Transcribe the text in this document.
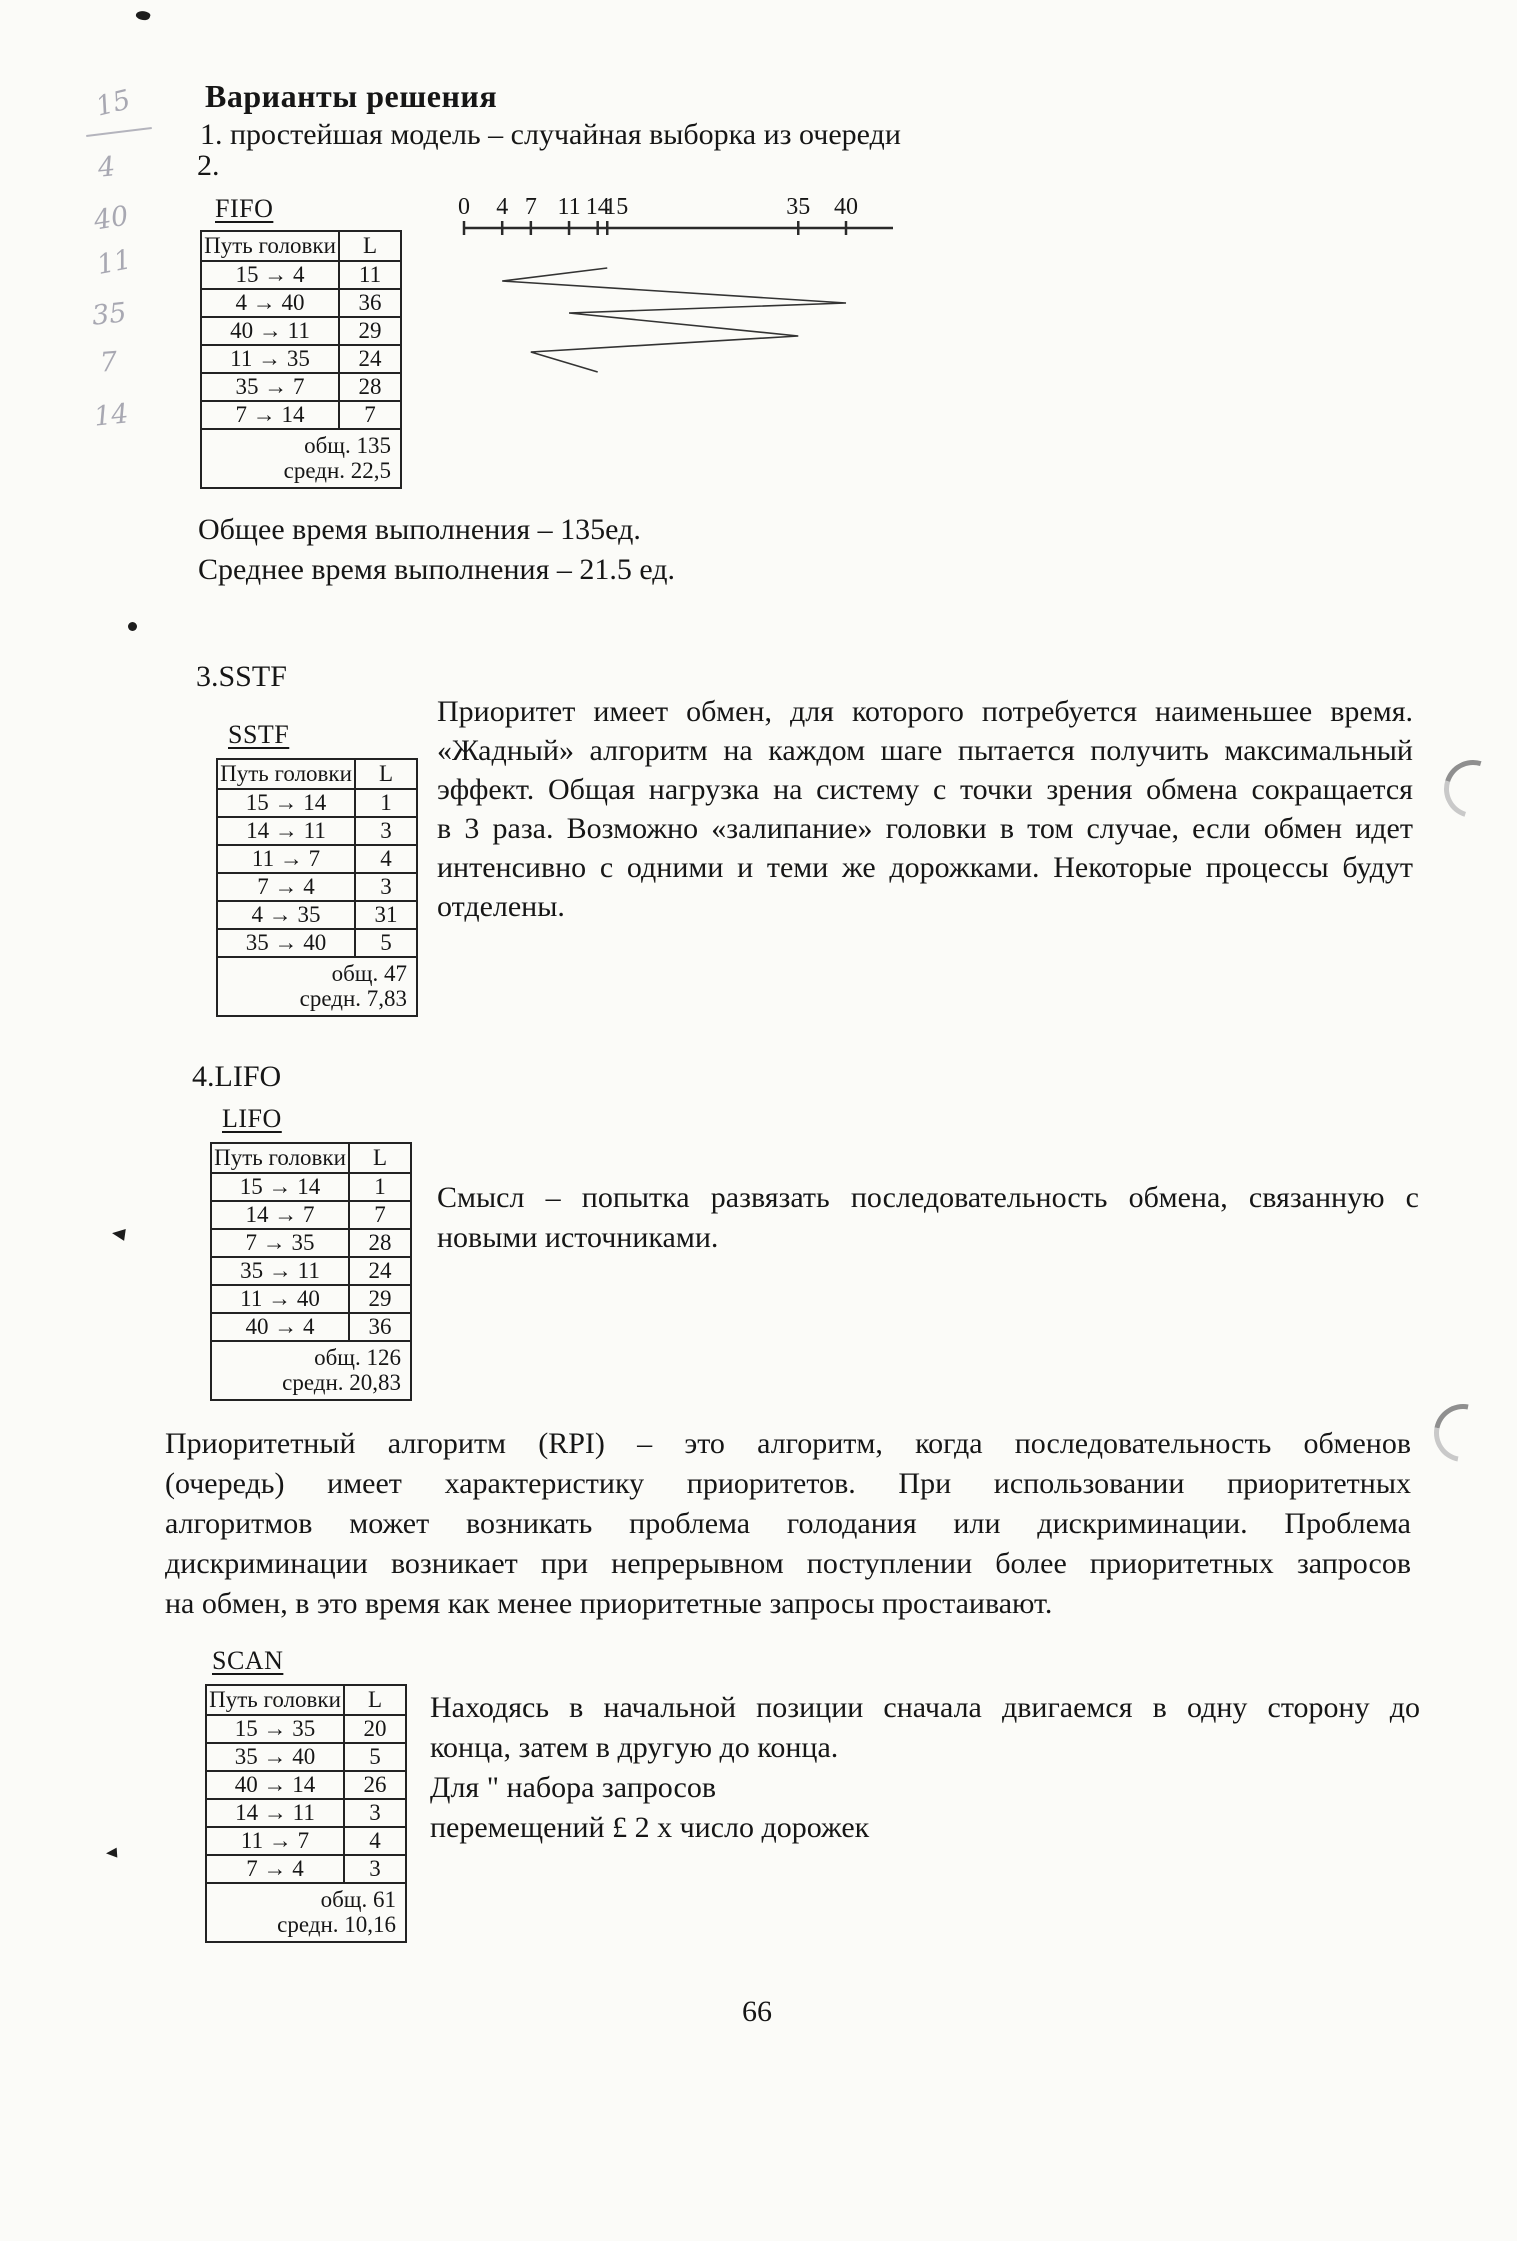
15
4
40
11
35
7
14
Варианты решения
1. простейшая модель – случайная выборка из очереди
2.
FIFO
Путь головки	L
15 → 4	11
4 → 40	36
40 → 11	29
11 → 35	24
35 → 7	28
7 → 14	7

общ. 135
средн. 22,5	
0 4 7 11 14
15	35 40
Общее время выполнения – 135ед.
Среднее время выполнения – 21.5 ед.
3.SSTF
SSTF
Путь головки	L
15 → 14	1
14 → 11	3
11 → 7	4
7 → 4	3
4 → 35	31
35 → 40	5

общ. 47
средн. 7,83	
Приоритет имеет обмен, для которого потребуется наименьшее время.
«Жадный» алгоритм на каждом шаге пытается получить максимальный
эффект. Общая нагрузка на систему с точки зрения обмена сокращается
в 3 раза. Возможно «залипание» головки в том случае, если обмен идет
интенсивно с одними и теми же дорожками. Некоторые процессы будут
отделены.
4.LIFO
LIFO
Путь головки	L
15 → 14	1
14 → 7	7
7 → 35	28
35 → 11	24
11 → 40	29
40 → 4	36

общ. 126
средн. 20,83	
Смысл – попытка развязать последовательность обмена, связанную с
новыми источниками.
Приоритетный алгоритм (RPI) – это алгоритм, когда последовательность обменов
(очередь) имеет характеристику приоритетов. При использовании приоритетных
алгоритмов может возникать проблема голодания или дискриминации. Проблема
дискриминации возникает при непрерывном поступлении более приоритетных запросов
на обмен, в это время как менее приоритетные запросы простаивают.
SCAN
Путь головки	L
15 → 35	20
35 → 40	5
40 → 14	26
14 → 11	3
11 → 7	4
7 → 4	3

общ. 61
средн. 10,16	
Находясь в начальной позиции сначала двигаемся в одну сторону до
конца, затем в другую до конца.
Для " набора запросов
перемещений £ 2 х число дорожек
66
